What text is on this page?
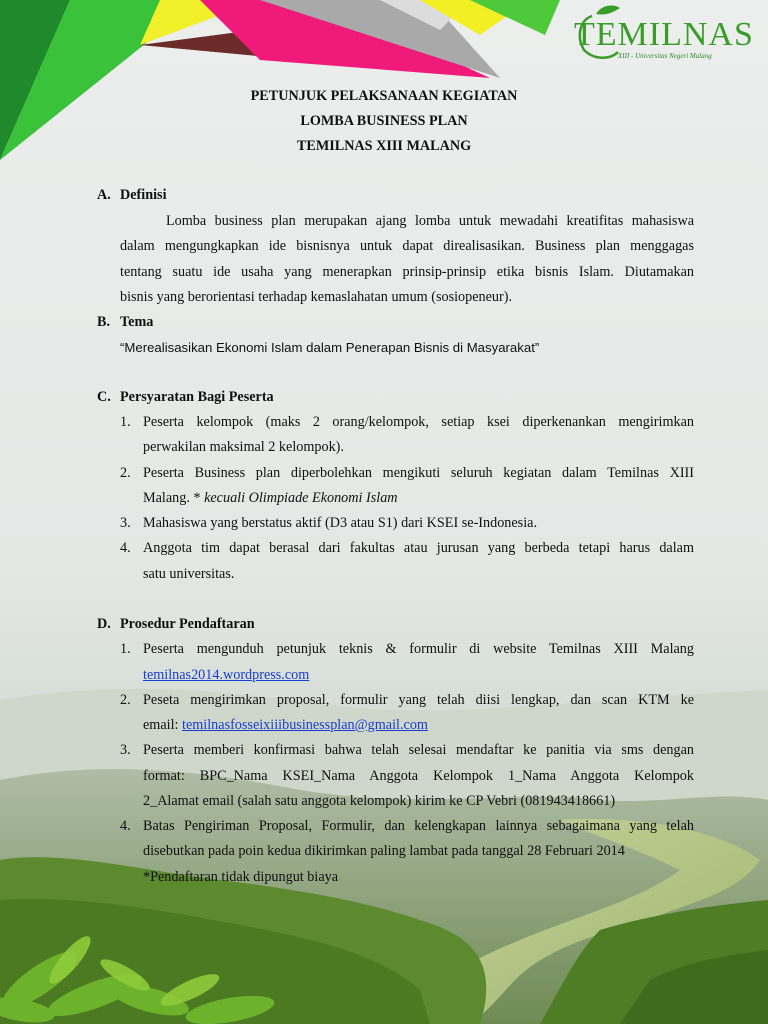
TEMILNAS
XIII - Universitas Negeri Malang
PETUNJUK PELAKSANAAN KEGIATAN
LOMBA BUSINESS PLAN
TEMILNAS XIII MALANG
A. Definisi
Lomba business plan merupakan ajang lomba untuk mewadahi kreatifitas mahasiswa
dalam mengungkapkan ide bisnisnya untuk dapat direalisasikan. Business plan menggagas
tentang suatu ide usaha yang menerapkan prinsip-prinsip etika bisnis Islam. Diutamakan
bisnis yang berorientasi terhadap kemaslahatan umum (sosiopeneur).
B. Tema
“Merealisasikan Ekonomi Islam dalam Penerapan Bisnis di Masyarakat”
C. Persyaratan Bagi Peserta
1. Peserta kelompok (maks 2 orang/kelompok, setiap ksei diperkenankan mengirimkan
perwakilan maksimal 2 kelompok).
2. Peserta Business plan diperbolehkan mengikuti seluruh kegiatan dalam Temilnas XIII
Malang. * kecuali Olimpiade Ekonomi Islam
3. Mahasiswa yang berstatus aktif (D3 atau S1) dari KSEI se-Indonesia.
4. Anggota tim dapat berasal dari fakultas atau jurusan yang berbeda tetapi harus dalam
satu universitas.
D. Prosedur Pendaftaran
1. Peserta mengunduh petunjuk teknis & formulir di website Temilnas XIII Malang
temilnas2014.wordpress.com
2. Peseta mengirimkan proposal, formulir yang telah diisi lengkap, dan scan KTM ke
email: temilnasfosseixiiibusinessplan@gmail.com
3. Peserta memberi konfirmasi bahwa telah selesai mendaftar ke panitia via sms dengan
format: BPC_Nama KSEI_Nama Anggota Kelompok 1_Nama Anggota Kelompok
2_Alamat email (salah satu anggota kelompok) kirim ke CP Vebri (081943418661)
4. Batas Pengiriman Proposal, Formulir, dan kelengkapan lainnya sebagaimana yang telah
disebutkan pada poin kedua dikirimkan paling lambat pada tanggal 28 Februari 2014
*Pendaftaran tidak dipungut biaya
